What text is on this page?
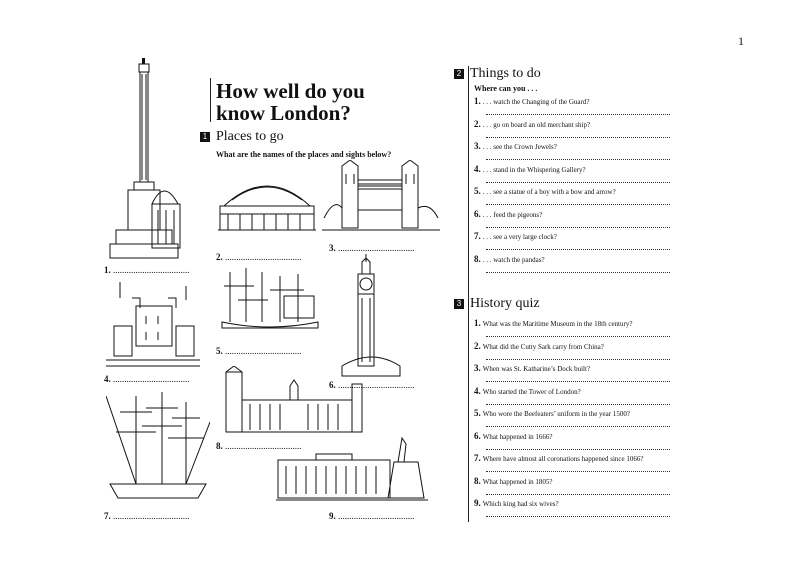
1
How well do you know London?
1 Places to go
What are the names of the places and sights below?
1. ..................................
2. ..................................
3. ..................................
4. ..................................
5. ..................................
6. ..................................
7. ..................................
8. ..................................
9. ..................................
2 Things to do
Where can you . . .
1. . . . watch the Changing of the Guard?
2. . . . go on board an old merchant ship?
3. . . . see the Crown Jewels?
4. . . . stand in the Whispering Gallery?
5. . . . see a statue of a boy with a bow and arrow?
6. . . . feed the pigeons?
7. . . . see a very large clock?
8. . . . watch the pandas?
3 History quiz
1. What was the Maritime Museum in the 18th century?
2. What did the Cutty Sark carry from China?
3. When was St. Katharine’s Dock built?
4. Who started the Tower of London?
5. Who wore the Beefeaters’ uniform in the year 1500?
6. What happened in 1666?
7. Where have almost all coronations happened since 1066?
8. What happened in 1805?
9. Which king had six wives?
